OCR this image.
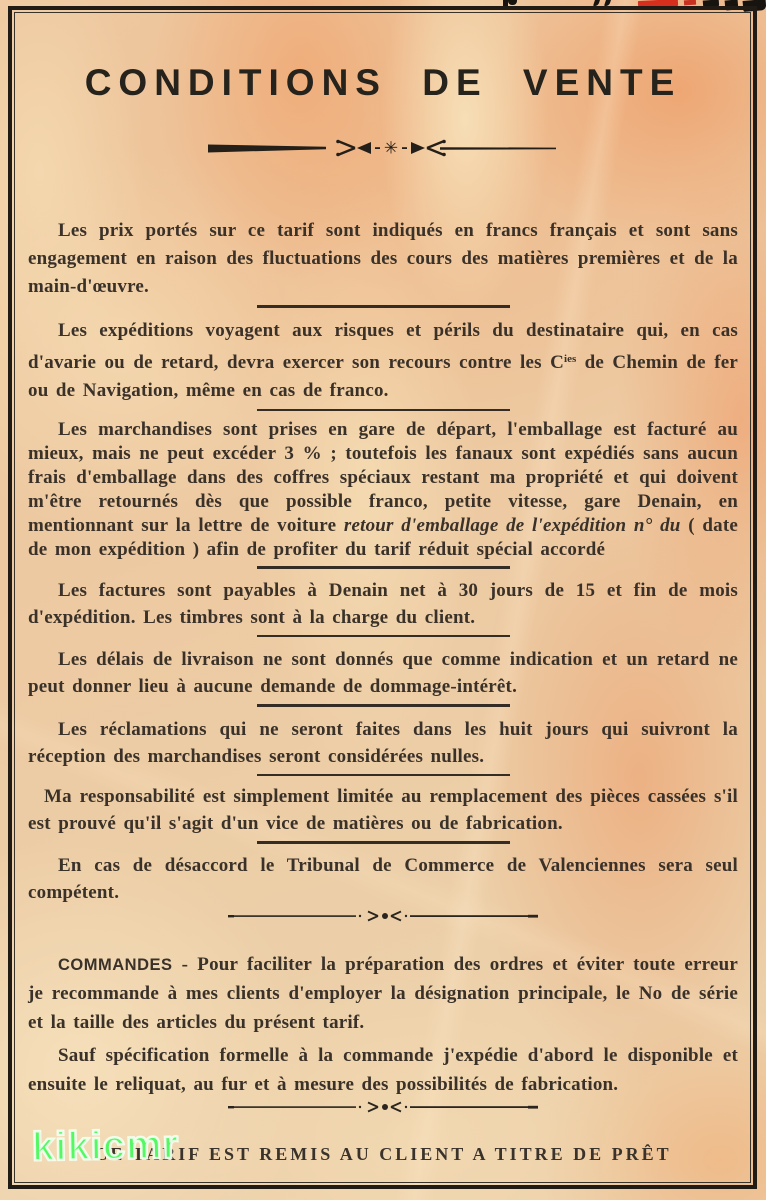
CONDITIONS DE VENTE
✳

Les prix portés sur ce tarif sont indiqués en francs français et sont sans engagement en raison des fluctuations des cours des matières premières et de la main-d'œuvre.

Les expéditions voyagent aux risques et périls du destinataire qui, en cas d'avarie ou de retard, devra exercer son recours contre les $C^{ies}$ de Chemin de fer ou de Navigation, même en cas de franco.

Les marchandises sont prises en gare de départ, l'emballage est facturé au mieux, mais ne peut excéder 3 % ; toutefois les fanaux sont expédiés sans aucun frais d'emballage dans des coffres spéciaux restant ma propriété et qui doivent m'être retournés dès que possible franco, petite vitesse, gare Denain, en mentionnant sur la lettre de voiture retour d'emballage de l'expédition n° du ( date de mon expédition ) afin de profiter du tarif réduit spécial accordé

Les factures sont payables à Denain net à 30 jours de 15 et fin de mois d'expédition. Les timbres sont à la charge du client.

Les délais de livraison ne sont donnés que comme indication et un retard ne peut donner lieu à aucune demande de dommage-intérêt.

Les réclamations qui ne seront faites dans les huit jours qui suivront la réception des marchandises seront considérées nulles.

Ma responsabilité est simplement limitée au remplacement des pièces cassées s'il est prouvé qu'il s'agit d'un vice de matières ou de fabrication.

En cas de désaccord le Tribunal de Commerce de Valenciennes sera seul compétent.

COMMANDES - Pour faciliter la préparation des ordres et éviter toute erreur je recommande à mes clients d'employer la désignation principale, le No de série et la taille des articles du présent tarif.

Sauf spécification formelle à la commande j'expédie d'abord le disponible et ensuite le reliquat, au fur et à mesure des possibilités de fabrication.

CE TARIF EST REMIS AU CLIENT A TITRE DE PRÊT
kikicmr
